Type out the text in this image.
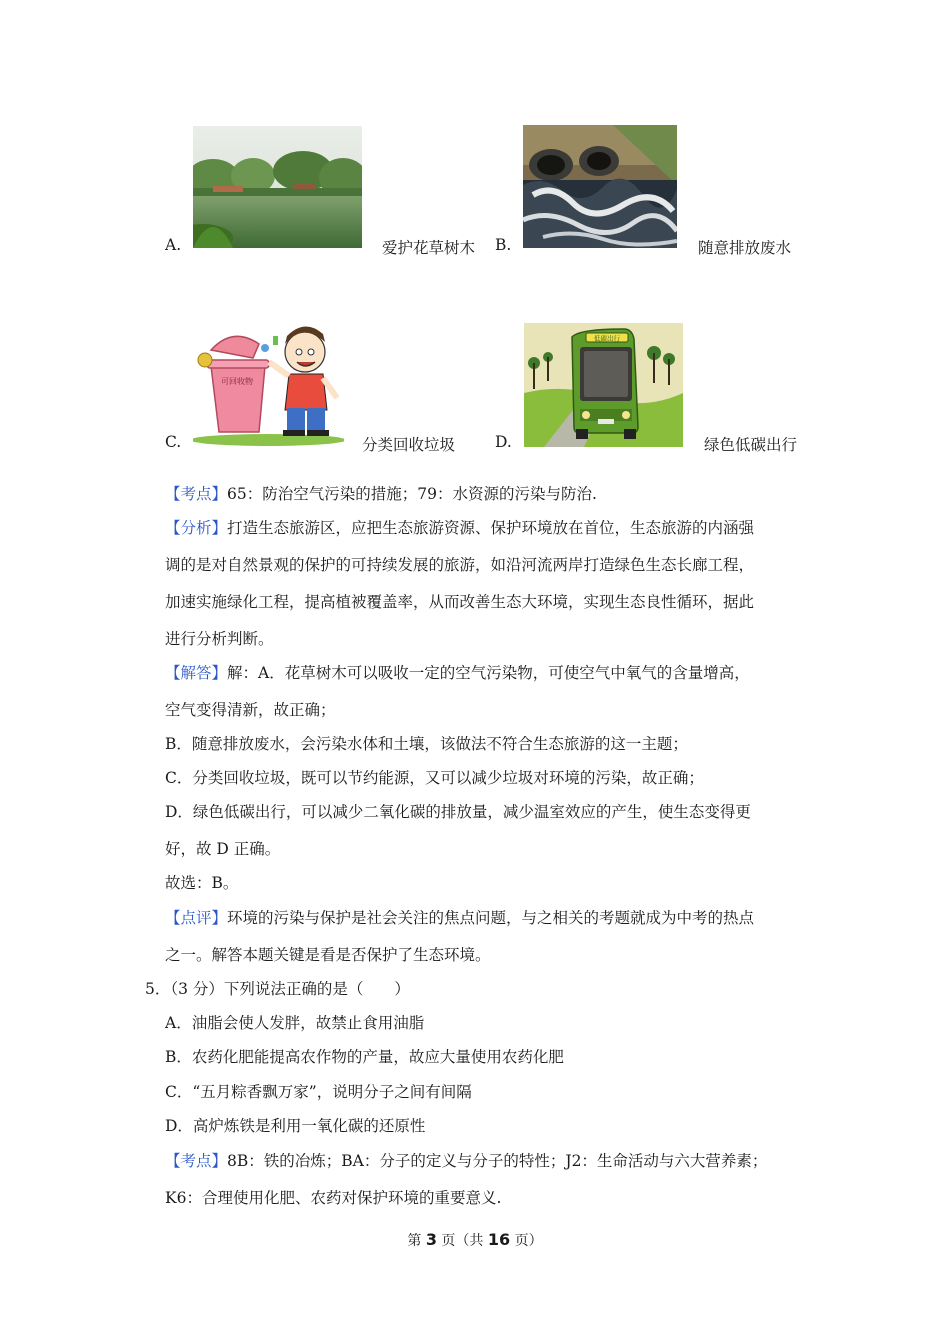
A.	爱护花草树木 B.	随意排放废水
C.
可回收物
分类回收垃圾	D.
低碳出行
绿色低碳出行
【考点】65：防治空气污染的措施；79：水资源的污染与防治.
【分析】打造生态旅游区，应把生态旅游资源、保护环境放在首位，生态旅游的内涵强
调的是对自然景观的保护的可持续发展的旅游，如沿河流两岸打造绿色生态长廊工程，
加速实施绿化工程，提高植被覆盖率，从而改善生态大环境，实现生态良性循环，据此
进行分析判断。
【解答】解：A．花草树木可以吸收一定的空气污染物，可使空气中氧气的含量增高，
空气变得清新，故正确；
B．随意排放废水，会污染水体和土壤，该做法不符合生态旅游的这一主题；
C．分类回收垃圾，既可以节约能源，又可以减少垃圾对环境的污染，故正确；
D．绿色低碳出行，可以减少二氧化碳的排放量，减少温室效应的产生，使生态变得更
好，故 D 正确。
故选：B。
【点评】环境的污染与保护是社会关注的焦点问题，与之相关的考题就成为中考的热点
之一。解答本题关键是看是否保护了生态环境。
5．（3 分）下列说法正确的是（　　）
A．油脂会使人发胖，故禁止食用油脂
B．农药化肥能提高农作物的产量，故应大量使用农药化肥
C．“五月粽香飘万家”，说明分子之间有间隔
D．高炉炼铁是利用一氧化碳的还原性
【考点】8B：铁的冶炼；BA：分子的定义与分子的特性；J2：生命活动与六大营养素；
K6：合理使用化肥、农药对保护环境的重要意义.
第 3 页（共 16 页）
